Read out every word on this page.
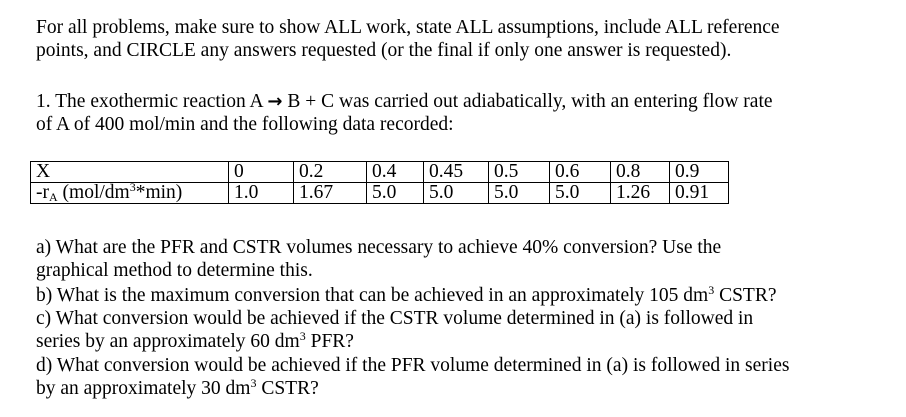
For all problems, make sure to show ALL work, state ALL assumptions, include ALL reference
points, and CIRCLE any answers requested (or the final if only one answer is requested).
1. The exothermic reaction A → B + C was carried out adiabatically, with an entering flow rate
of A of 400 mol/min and the following data recorded:
X	0	0.2	0.4	0.45	0.5	0.6	0.8	0.9
$-r_A$ $(mol/dm^3*\min)$	1.0	1.67	5.0	5.0	5.0	5.0	1.26	0.91
a) What are the PFR and CSTR volumes necessary to achieve 40% conversion? Use the
graphical method to determine this.
b) What is the maximum conversion that can be achieved in an approximately 105 $dm^3$ CSTR?
c) What conversion would be achieved if the CSTR volume determined in (a) is followed in
series by an approximately 60 $dm^3$ PFR?
d) What conversion would be achieved if the PFR volume determined in (a) is followed in series
by an approximately 30 $dm^3$ CSTR?
